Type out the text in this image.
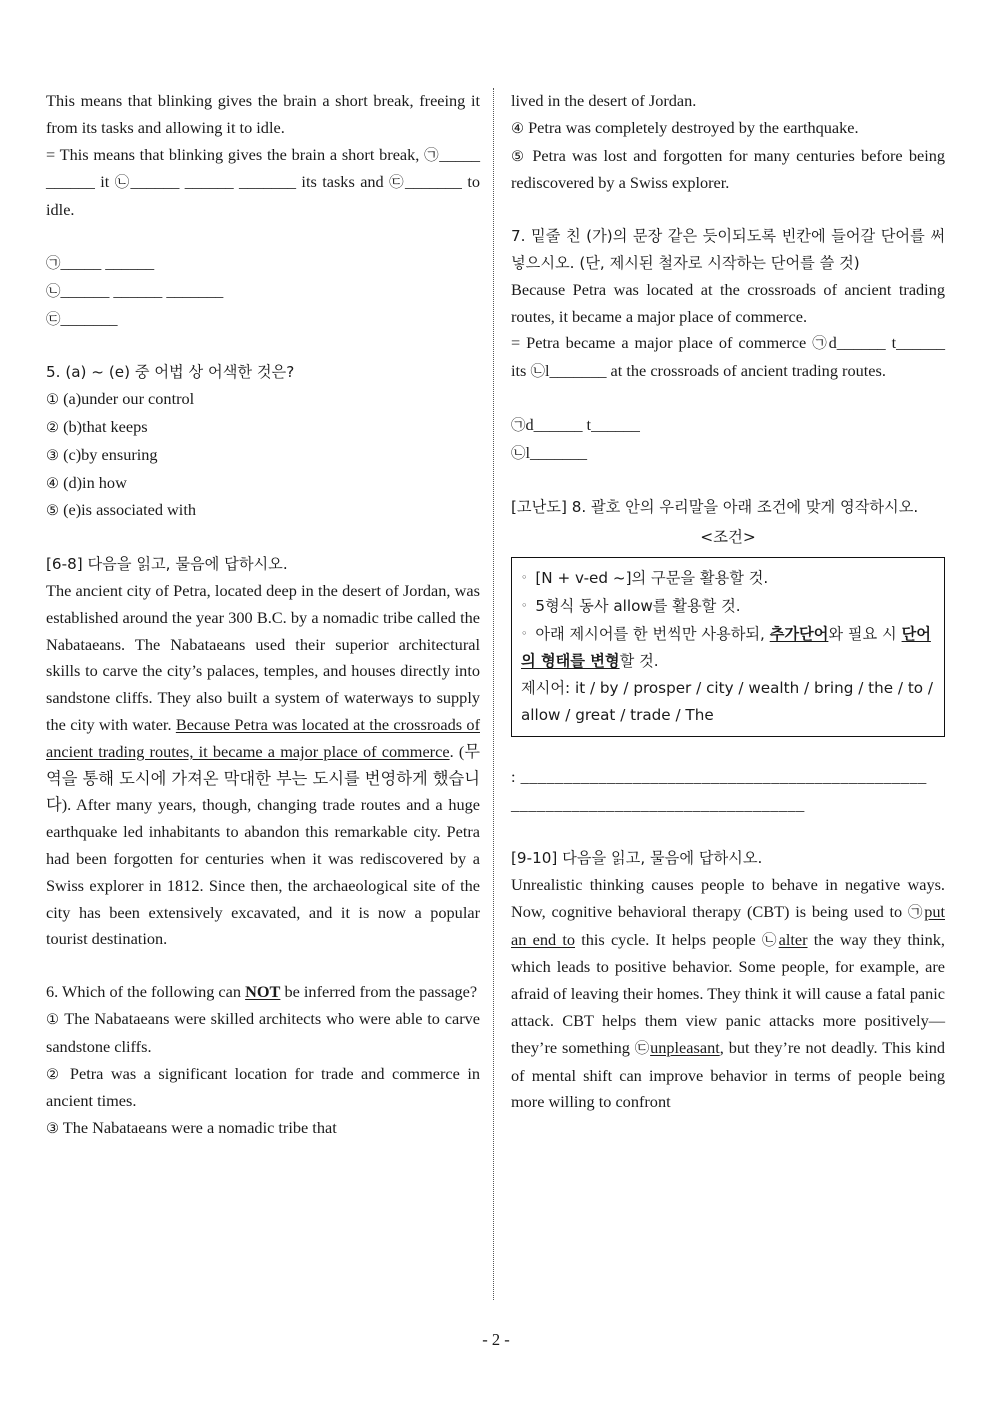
This means that blinking gives the brain a short break, freeing it from its tasks and allowing it to idle.

= This means that blinking gives the brain a short break, ㉠_____ ______ it ㉡______ ______ _______ its tasks and ㉢_______ to idle.

㉠_____ ______

㉡______ ______ _______

㉢_______

5. (a) ~ (e) 중 어법 상 어색한 것은?

① (a)under our control

② (b)that keeps

③ (c)by ensuring

④ (d)in how

⑤ (e)is associated with

[6-8] 다음을 읽고, 물음에 답하시오.

The ancient city of Petra, located deep in the desert of Jordan, was established around the year 300 B.C. by a nomadic tribe called the Nabataeans. The Nabataeans used their superior architectural skills to carve the city’s palaces, temples, and houses directly into sandstone cliffs. They also built a system of waterways to supply the city with water. Because Petra was located at the crossroads of ancient trading routes, it became a major place of commerce. (무역을 통해 도시에 가져온 막대한 부는 도시를 번영하게 했습니다). After many years, though, changing trade routes and a huge earthquake led inhabitants to abandon this remarkable city. Petra had been forgotten for centuries when it was rediscovered by a Swiss explorer in 1812. Since then, the archaeological site of the city has been extensively excavated, and it is now a popular tourist destination.

6. Which of the following can NOT be inferred from the passage?

① The Nabataeans were skilled architects who were able to carve sandstone cliffs.

② Petra was a significant location for trade and commerce in ancient times.

③ The Nabataeans were a nomadic tribe that

lived in the desert of Jordan.

④ Petra was completely destroyed by the earthquake.

⑤ Petra was lost and forgotten for many centuries before being rediscovered by a Swiss explorer.

7. 밑줄 친 (가)의 문장 같은 듯이되도록 빈칸에 들어갈 단어를 써넣으시오. (단, 제시된 철자로 시작하는 단어를 쓸 것)

Because Petra was located at the crossroads of ancient trading routes, it became a major place of commerce.

= Petra became a major place of commerce ㉠d______ t______ its ㉡l_______ at the crossroads of ancient trading routes.

㉠d______ t______

㉡l_______

[고난도] 8. 괄호 안의 우리말을 아래 조건에 맞게 영작하시오.

<조건>

◦ [N + v-ed ~]의 구문을 활용할 것.

◦ 5형식 동사 allow를 활용할 것.

◦ 아래 제시어를 한 번씩만 사용하되, 추가단어와 필요 시 단어의 형태를 변형할 것.

제시어: it / by / prosper / city / wealth / bring / the / to / allow / great / trade / The

: _______________________________________________

__________________________________

[9-10] 다음을 읽고, 물음에 답하시오.

Unrealistic thinking causes people to behave in negative ways. Now, cognitive behavioral therapy (CBT) is being used to ㉠put an end to this cycle. It helps people ㉡alter the way they think, which leads to positive behavior. Some people, for example, are afraid of leaving their homes. They think it will cause a fatal panic attack. CBT helps them view panic attacks more positively—they’re something ㉢unpleasant, but they’re not deadly. This kind of mental shift can improve behavior in terms of people being more willing to confront

- 2 -
